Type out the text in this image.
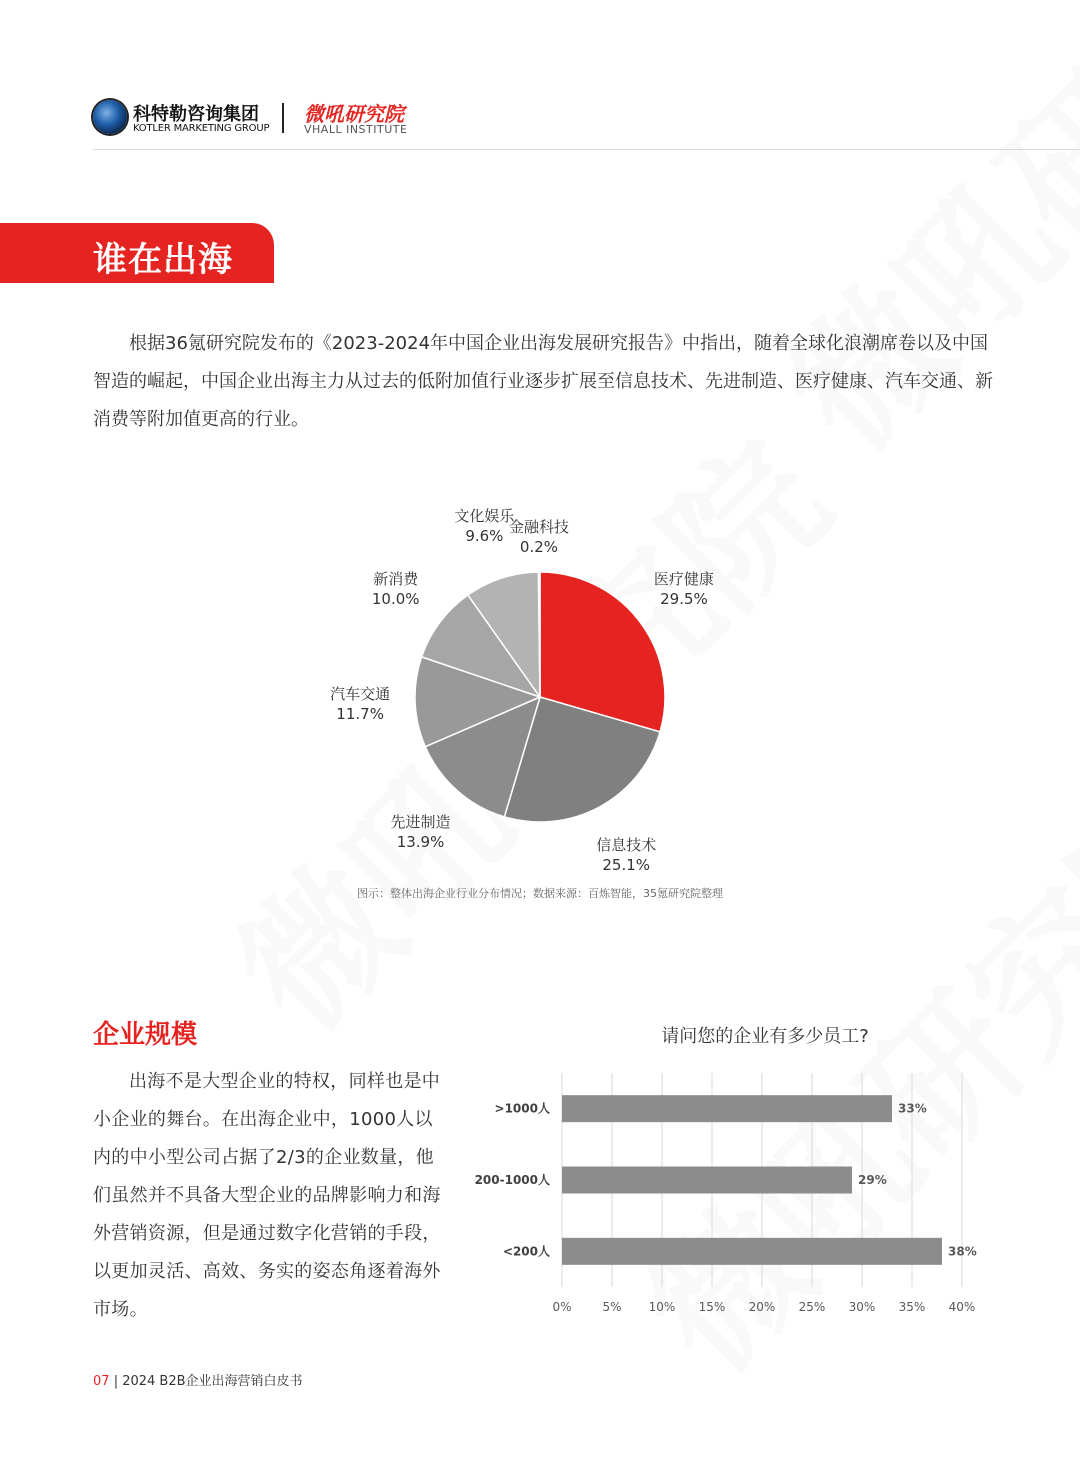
科特勒咨询集团
KOTLER MARKETING GROUP
微吼研究院
VHALL INSTITUTE
谁在出海

根据36氪研究院发布的《2023-2024年中国企业出海发展研究报告》中指出，随着全球化浪潮席卷以及中国智造的崛起，中国企业出海主力从过去的低附加值行业逐步扩展至信息技术、先进制造、医疗健康、汽车交通、新消费等附加值更高的行业。

医疗健康
29.5%
信息技术
25.1%
先进制造
13.9%
汽车交通
11.7%
新消费
10.0%
文化娱乐
9.6% 金融科技
0.2%
图示：整体出海企业行业分布情况；数据来源：百炼智能，35氪研究院整理
企业规模

出海不是大型企业的特权，同样也是中小企业的舞台。在出海企业中，1000人以内的中小型公司占据了2/3的企业数量，他们虽然并不具备大型企业的品牌影响力和海外营销资源，但是通过数字化营销的手段，以更加灵活、高效、务实的姿态角逐着海外市场。

请问您的企业有多少员工?
0%	5% 10% 15% 20% 25% 30% 35% 40%
>1000人	33%
200-1000人	29%
<200人	38%
07 | 2024 B2B企业出海营销白皮书
